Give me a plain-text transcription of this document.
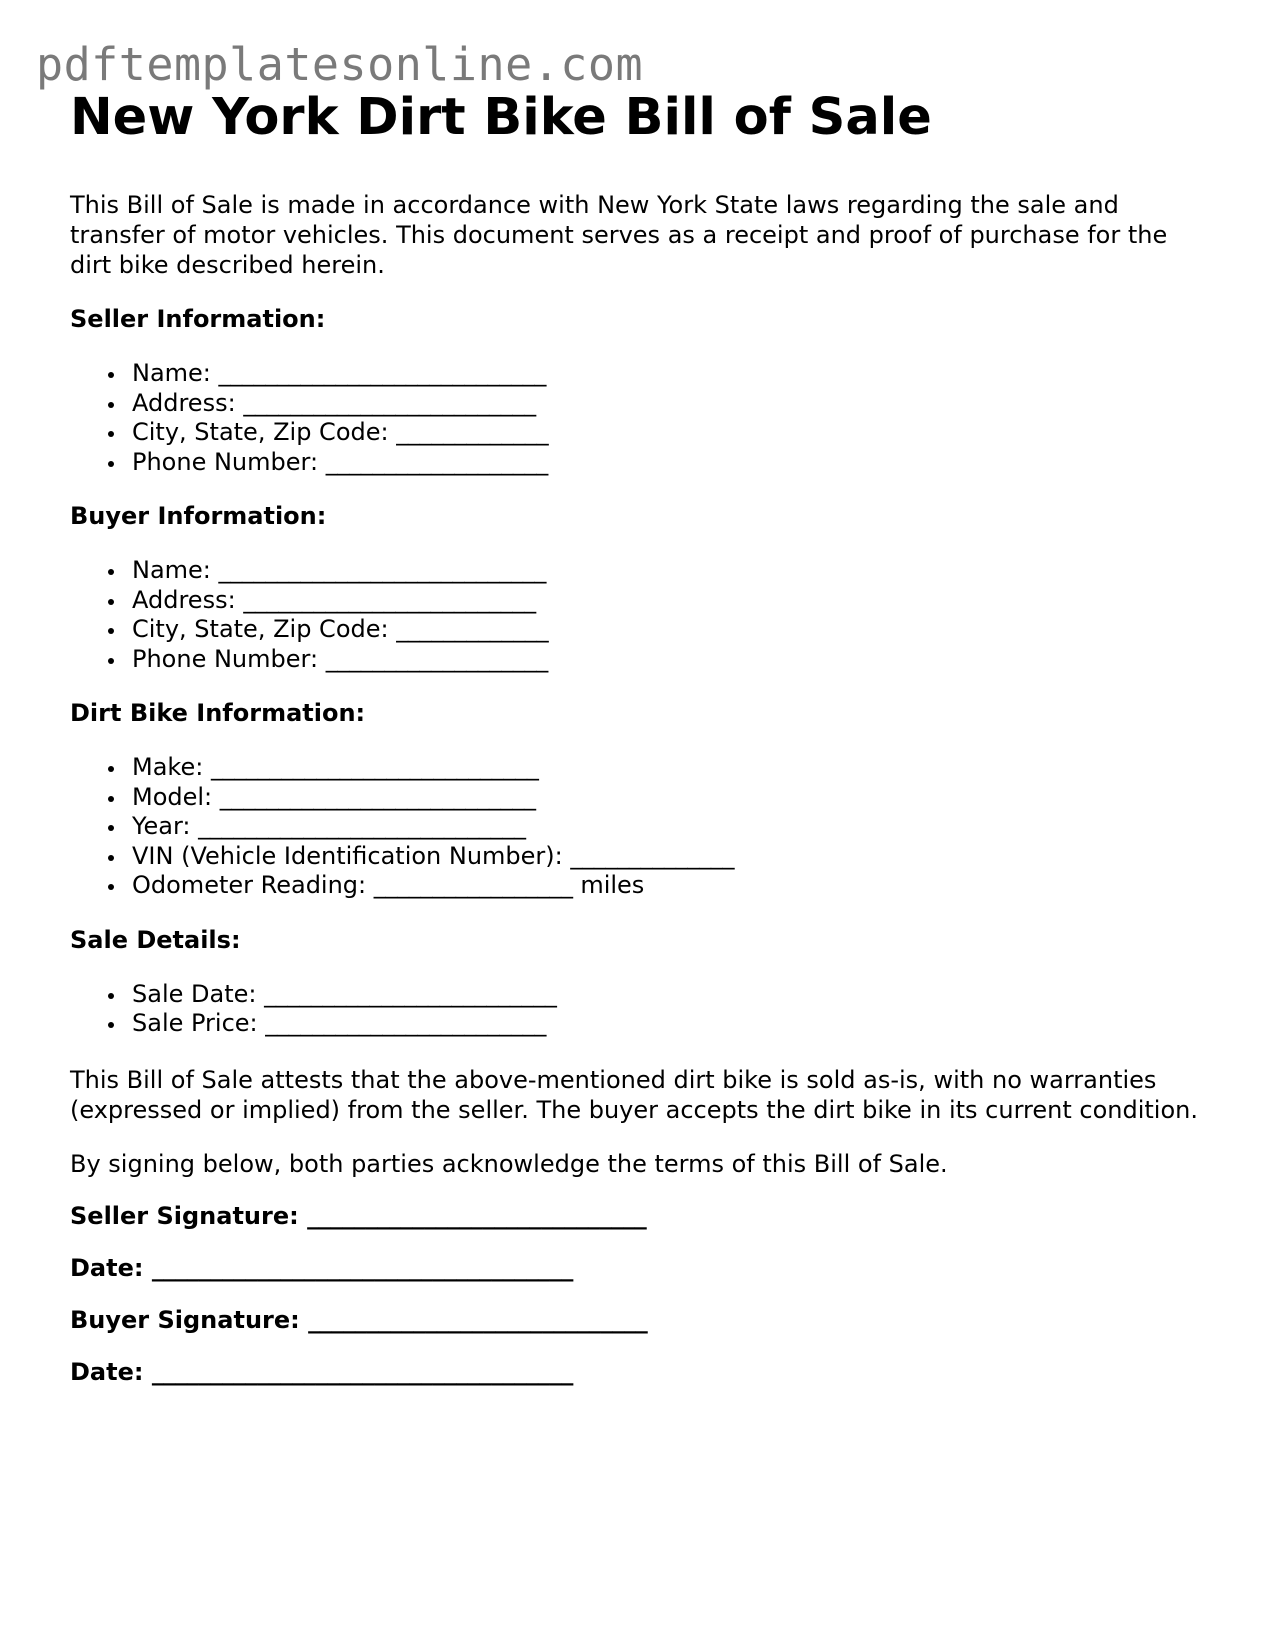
pdftemplatesonline.com
New York Dirt Bike Bill of Sale

This Bill of Sale is made in accordance with New York State laws regarding the sale and transfer of motor vehicles. This document serves as a receipt and proof of purchase for the dirt bike described herein.

Seller Information:
Name: ____________________________
Address: _________________________
City, State, Zip Code: _____________
Phone Number: ___________________
Buyer Information:
Name: ____________________________
Address: _________________________
City, State, Zip Code: _____________
Phone Number: ___________________
Dirt Bike Information:
Make: ____________________________
Model: ___________________________
Year: ____________________________
VIN (Vehicle Identification Number): ______________
Odometer Reading: _________________ miles
Sale Details:
Sale Date: _________________________
Sale Price: ________________________

This Bill of Sale attests that the above-mentioned dirt bike is sold as-is, with no warranties (expressed or implied) from the seller. The buyer accepts the dirt bike in its current condition.

By signing below, both parties acknowledge the terms of this Bill of Sale.

Seller Signature: _____________________________
Date: ____________________________________
Buyer Signature: _____________________________
Date: ____________________________________
